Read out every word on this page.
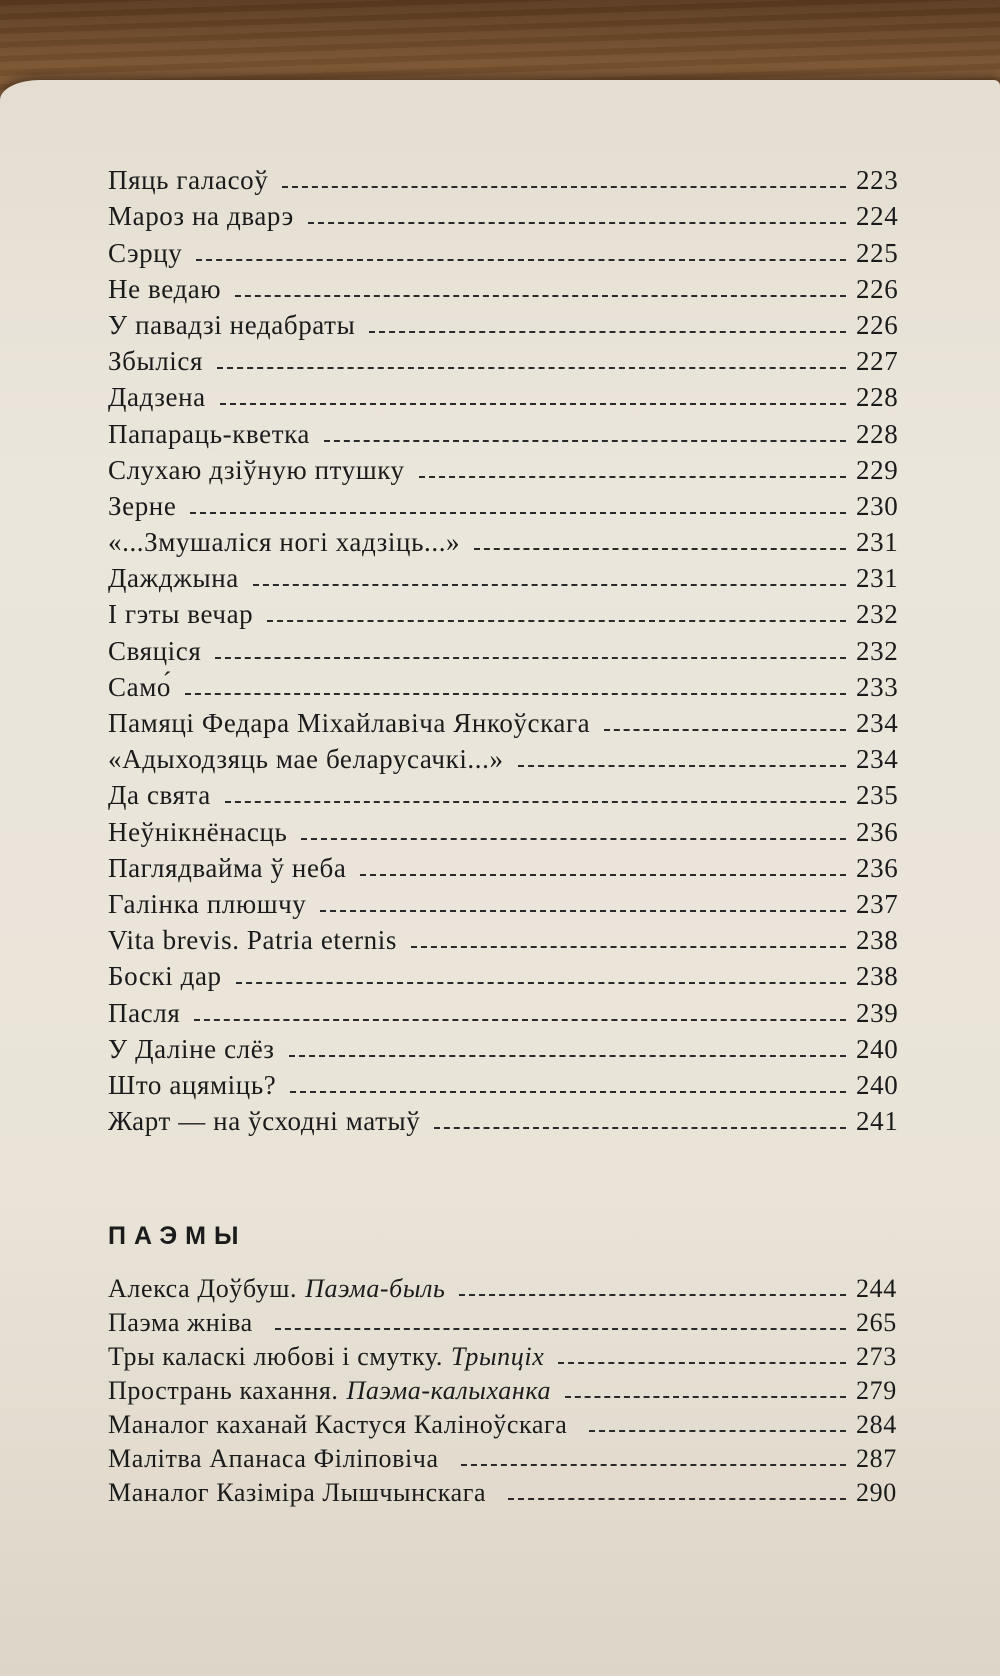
Пяць галасоў	223
Мароз на дварэ	224
Сэрцу	225
Не ведаю	226
У павадзі недабраты	226
Збыліся	227
Дадзена	228
Папараць-кветка	228
Слухаю дзіўную птушку	229
Зерне	230
«...Змушаліся ногі хадзіць...»	231
Дажджына	231
І гэты вечар	232
Свяціся	232
Само́	233
Памяці Федара Міхайлавіча Янкоўскага	234
«Адыходзяць мае беларусачкі...»	234
Да свята	235
Неўнікнёнасць	236
Паглядвайма ў неба	236
Галінка плюшчу	237
Vita brevis. Patria eternis	238
Боскі дар	238
Пасля	239
У Даліне слёз	240
Што ацяміць?	240
Жарт — на ўсходні матыў	241
ПАЭМЫ
Алекса Доўбуш. Паэма-быль	244
Паэма жніва	265
Тры каласкі любові і смутку. Трыпціх	273
Пространь кахання. Паэма-калыханка	279
Маналог каханай Кастуся Каліноўскага	284
Малітва Апанаса Філіповіча	287
Маналог Казіміра Лышчынскага	290
